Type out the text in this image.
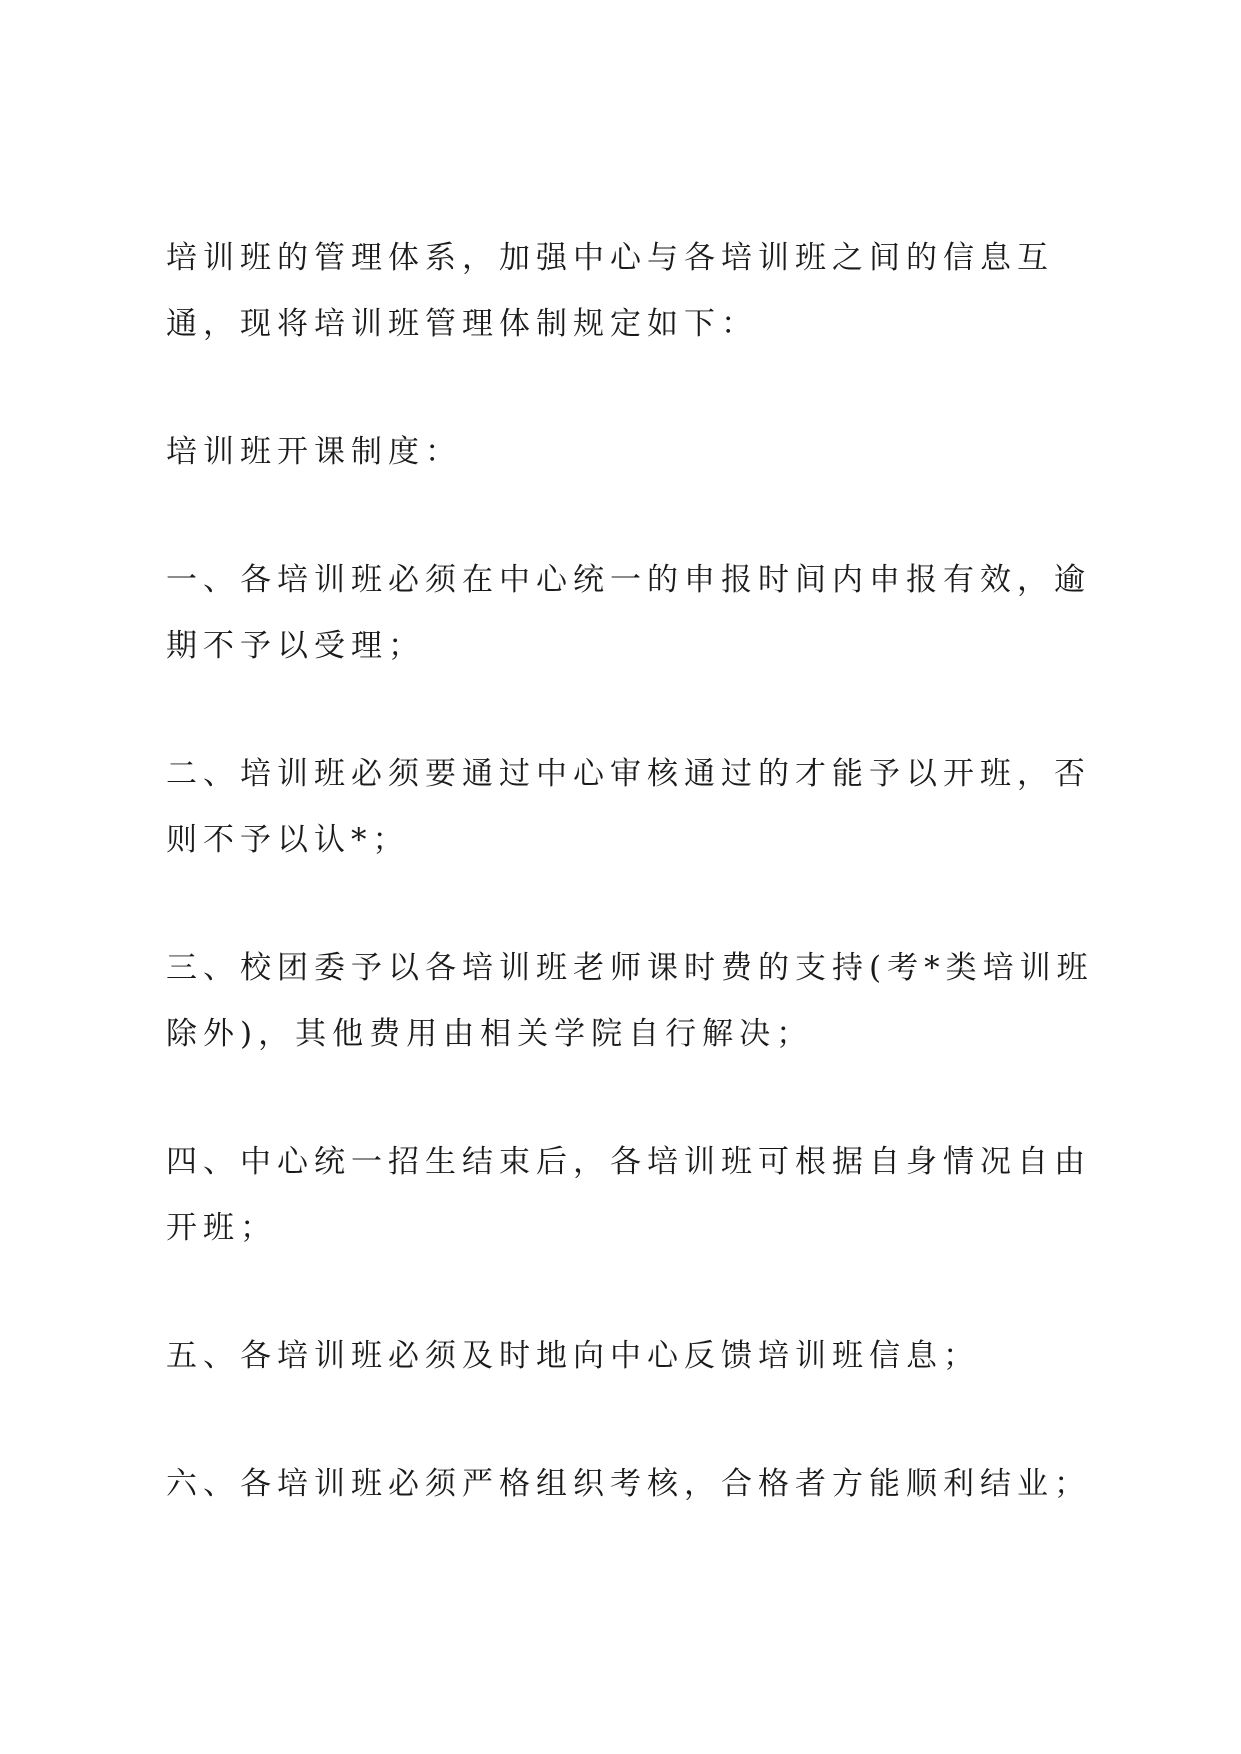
培训班的管理体系，加强中心与各培训班之间的信息互通，现将培训班管理体制规定如下：

培训班开课制度：

一、各培训班必须在中心统一的申报时间内申报有效，逾期不予以受理；

二、培训班必须要通过中心审核通过的才能予以开班，否则不予以认*；

三、校团委予以各培训班老师课时费的支持(考*类培训班除外)，其他费用由相关学院自行解决；

四、中心统一招生结束后，各培训班可根据自身情况自由开班；

五、各培训班必须及时地向中心反馈培训班信息；

六、各培训班必须严格组织考核，合格者方能顺利结业；
